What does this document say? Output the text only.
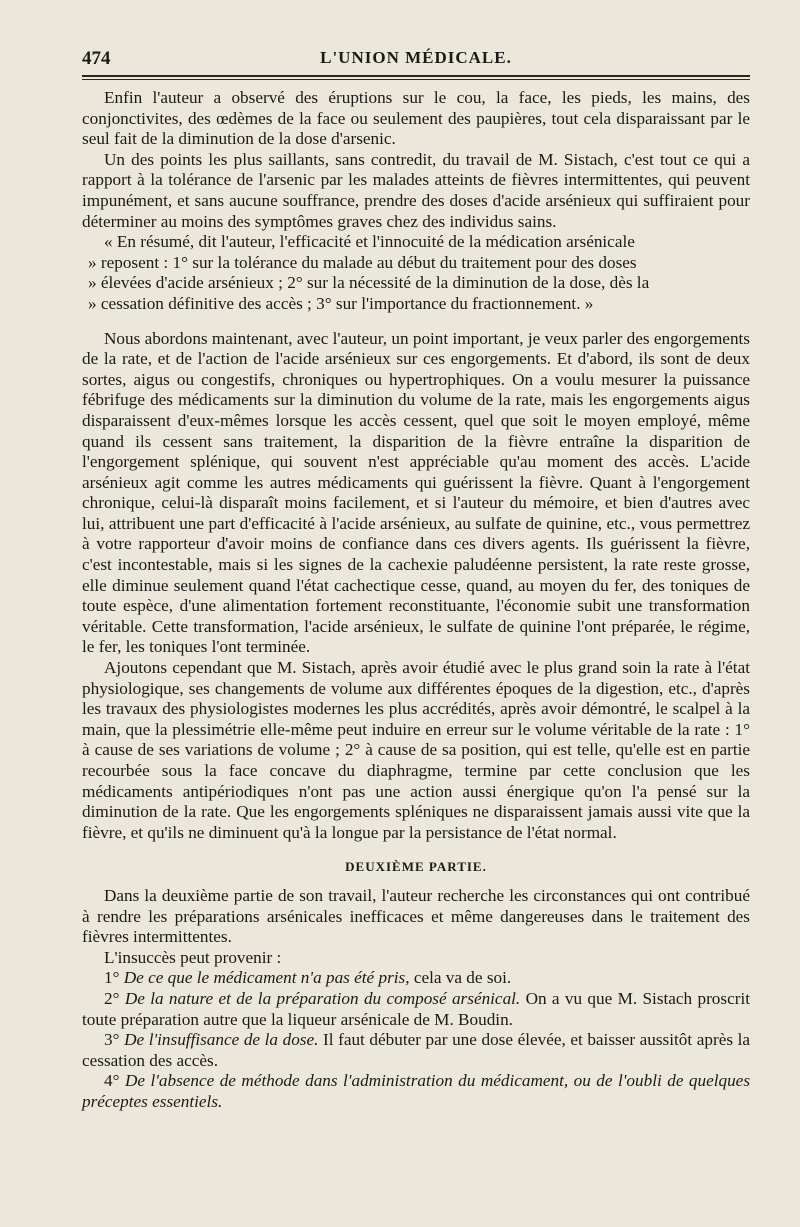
474	L'UNION MÉDICALE.

Enfin l'auteur a observé des éruptions sur le cou, la face, les pieds, les mains, des conjonctivites, des œdèmes de la face ou seulement des paupières, tout cela disparaissant par le seul fait de la diminution de la dose d'arsenic.

Un des points les plus saillants, sans contredit, du travail de M. Sistach, c'est tout ce qui a rapport à la tolérance de l'arsenic par les malades atteints de fièvres intermittentes, qui peuvent impunément, et sans aucune souffrance, prendre des doses d'acide arsénieux qui suffiraient pour déterminer au moins des symptômes graves chez des individus sains.

« En résumé, dit l'auteur, l'efficacité et l'innocuité de la médication arsénicale
» reposent : 1° sur la tolérance du malade au début du traitement pour des doses
» élevées d'acide arsénieux ; 2° sur la nécessité de la diminution de la dose, dès la
» cessation définitive des accès ; 3° sur l'importance du fractionnement. »

Nous abordons maintenant, avec l'auteur, un point important, je veux parler des engorgements de la rate, et de l'action de l'acide arsénieux sur ces engorgements. Et d'abord, ils sont de deux sortes, aigus ou congestifs, chroniques ou hypertrophiques. On a voulu mesurer la puissance fébrifuge des médicaments sur la diminution du volume de la rate, mais les engorgements aigus disparaissent d'eux-mêmes lorsque les accès cessent, quel que soit le moyen employé, même quand ils cessent sans traitement, la disparition de la fièvre entraîne la disparition de l'engorgement splénique, qui souvent n'est appréciable qu'au moment des accès. L'acide arsénieux agit comme les autres médicaments qui guérissent la fièvre. Quant à l'engorgement chronique, celui-là disparaît moins facilement, et si l'auteur du mémoire, et bien d'autres avec lui, attribuent une part d'efficacité à l'acide arsénieux, au sulfate de quinine, etc., vous permettrez à votre rapporteur d'avoir moins de confiance dans ces divers agents. Ils guérissent la fièvre, c'est incontestable, mais si les signes de la cachexie paludéenne persistent, la rate reste grosse, elle diminue seulement quand l'état cachectique cesse, quand, au moyen du fer, des toniques de toute espèce, d'une alimentation fortement reconstituante, l'économie subit une transformation véritable. Cette transformation, l'acide arsénieux, le sulfate de quinine l'ont préparée, le régime, le fer, les toniques l'ont terminée.

Ajoutons cependant que M. Sistach, après avoir étudié avec le plus grand soin la rate à l'état physiologique, ses changements de volume aux différentes époques de la digestion, etc., d'après les travaux des physiologistes modernes les plus accrédités, après avoir démontré, le scalpel à la main, que la plessimétrie elle-même peut induire en erreur sur le volume véritable de la rate : 1° à cause de ses variations de volume ; 2° à cause de sa position, qui est telle, qu'elle est en partie recourbée sous la face concave du diaphragme, termine par cette conclusion que les médicaments antipériodiques n'ont pas une action aussi énergique qu'on l'a pensé sur la diminution de la rate. Que les engorgements spléniques ne disparaissent jamais aussi vite que la fièvre, et qu'ils ne diminuent qu'à la longue par la persistance de l'état normal.

DEUXIÈME PARTIE.

Dans la deuxième partie de son travail, l'auteur recherche les circonstances qui ont contribué à rendre les préparations arsénicales inefficaces et même dangereuses dans le traitement des fièvres intermittentes.

L'insuccès peut provenir :

1° De ce que le médicament n'a pas été pris, cela va de soi.

2° De la nature et de la préparation du composé arsénical. On a vu que M. Sistach proscrit toute préparation autre que la liqueur arsénicale de M. Boudin.

3° De l'insuffisance de la dose. Il faut débuter par une dose élevée, et baisser aussitôt après la cessation des accès.

4° De l'absence de méthode dans l'administration du médicament, ou de l'oubli de quelques préceptes essentiels.
